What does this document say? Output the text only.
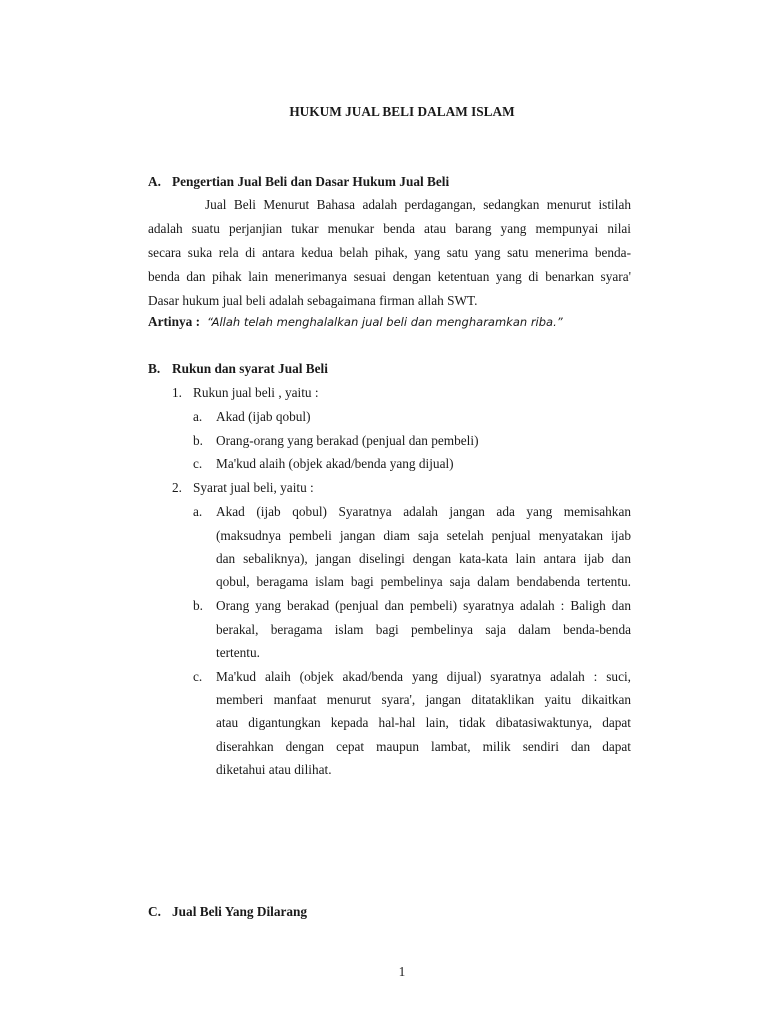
HUKUM JUAL BELI DALAM ISLAM
A. Pengertian Jual Beli dan Dasar Hukum Jual Beli
Jual Beli Menurut Bahasa adalah perdagangan, sedangkan menurut istilah
adalah suatu perjanjian tukar menukar benda atau barang yang mempunyai nilai
secara suka rela di antara kedua belah pihak, yang satu yang satu menerima benda-
benda dan pihak lain menerimanya sesuai dengan ketentuan yang di benarkan syara'
Dasar hukum jual beli adalah sebagaimana firman allah SWT.
Artinya : “Allah telah menghalalkan jual beli dan mengharamkan riba.”
B. Rukun dan syarat Jual Beli
1. Rukun jual beli , yaitu :
a. Akad (ijab qobul)
b. Orang-orang yang berakad (penjual dan pembeli)
c. Ma'kud alaih (objek akad/benda yang dijual)
2. Syarat jual beli, yaitu :
a. Akad (ijab qobul) Syaratnya adalah jangan ada yang memisahkan
(maksudnya pembeli jangan diam saja setelah penjual menyatakan ijab
dan sebaliknya), jangan diselingi dengan kata-kata lain antara ijab dan
qobul, beragama islam bagi pembelinya saja dalam bendabenda tertentu.
b. Orang yang berakad (penjual dan pembeli) syaratnya adalah : Baligh dan
berakal, beragama islam bagi pembelinya saja dalam benda-benda
tertentu.
c. Ma'kud alaih (objek akad/benda yang dijual) syaratnya adalah : suci,
memberi manfaat menurut syara', jangan ditataklikan yaitu dikaitkan
atau digantungkan kepada hal-hal lain, tidak dibatasiwaktunya, dapat
diserahkan dengan cepat maupun lambat, milik sendiri dan dapat
diketahui atau dilihat.
C. Jual Beli Yang Dilarang
1
